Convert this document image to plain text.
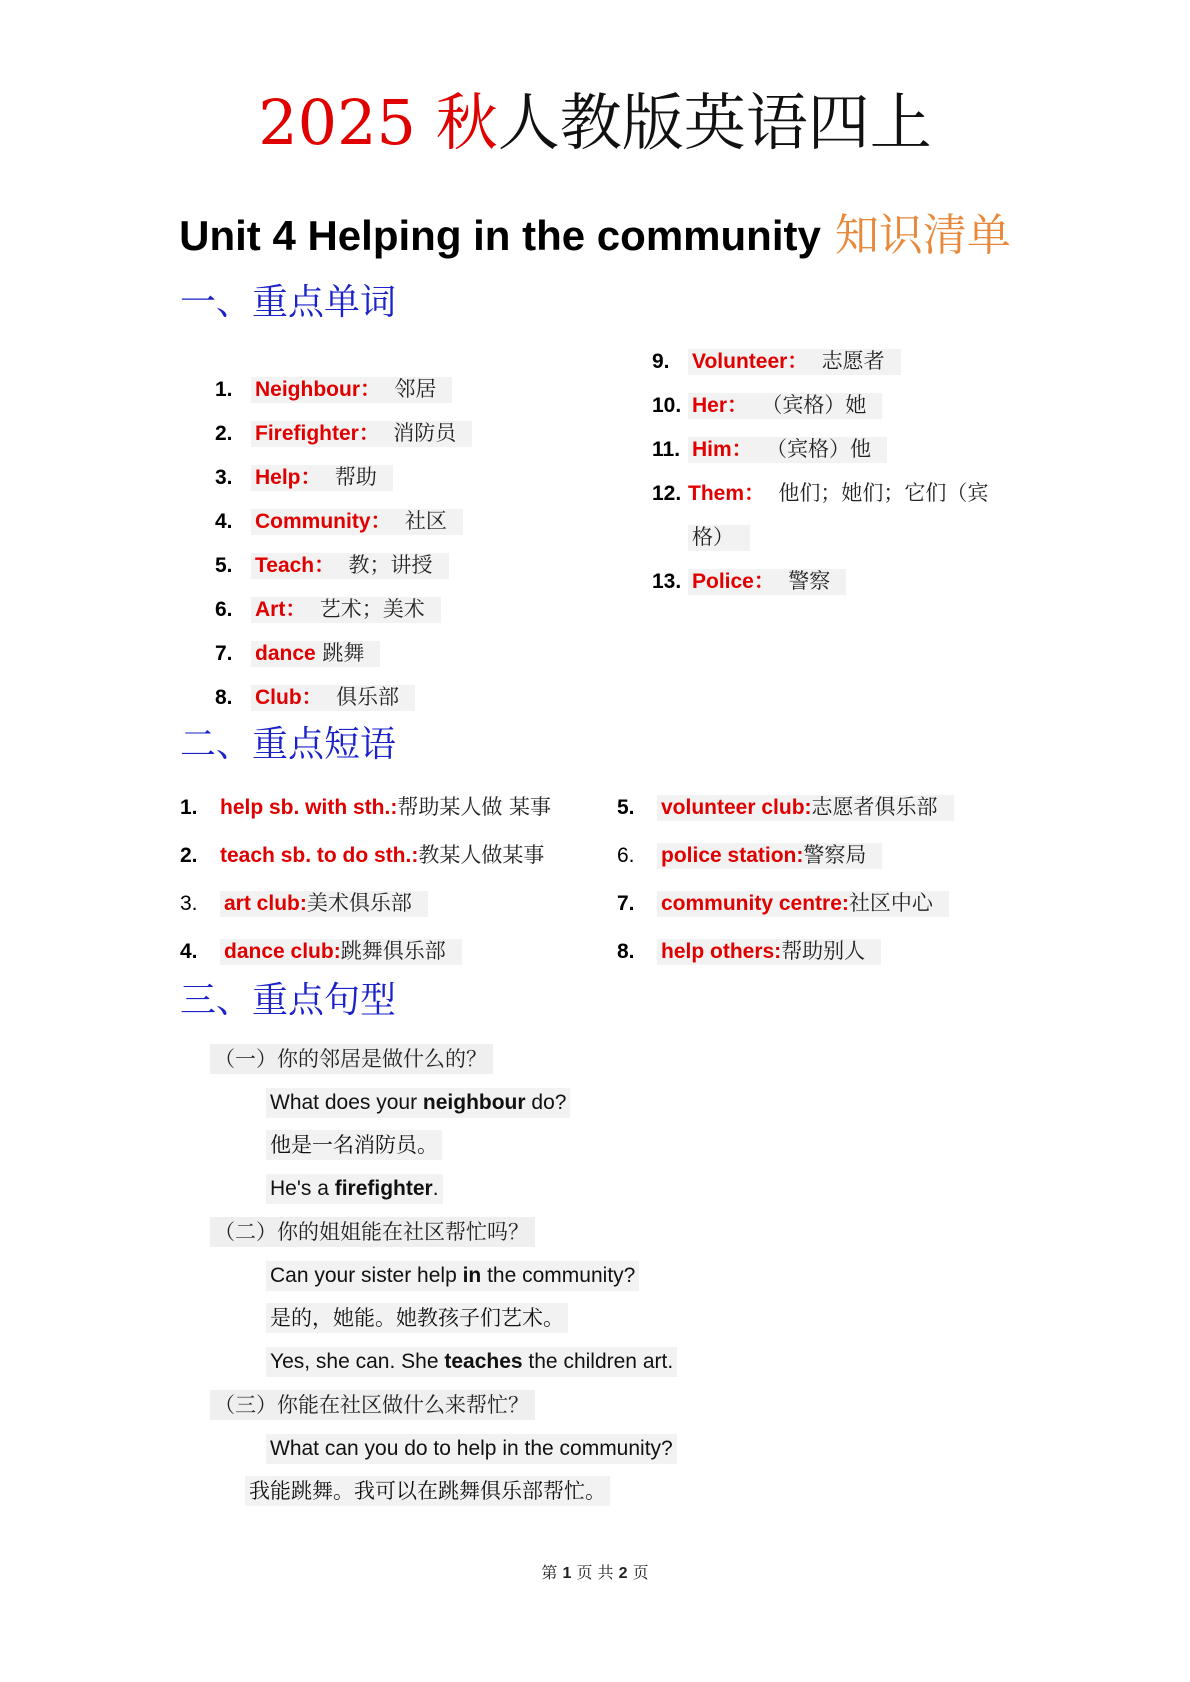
2025 秋人教版英语四上
Unit 4 Helping in the community 知识清单
一、重点单词
1. Neighbour： 邻居
2. Firefighter： 消防员
3. Help： 帮助
4. Community： 社区
5. Teach： 教；讲授
6. Art： 艺术；美术
7. dance 跳舞
8. Club： 俱乐部
9. Volunteer： 志愿者
10. Her： （宾格）她
11. Him： （宾格）他
12. Them： 他们；她们；它们（宾
格）
13. Police： 警察
二、重点短语
1. help sb. with sth.:帮助某人做 某事
2. teach sb. to do sth.:教某人做某事
3. art club:美术俱乐部
4. dance club:跳舞俱乐部
5. volunteer club:志愿者俱乐部
6. police station:警察局
7. community centre:社区中心
8. help others:帮助别人
三、重点句型
（一）你的邻居是做什么的？
What does your neighbour do?
他是一名消防员。
He's a firefighter.
（二）你的姐姐能在社区帮忙吗？
Can your sister help in the community?
是的，她能。她教孩子们艺术。
Yes, she can. She teaches the children art.
（三）你能在社区做什么来帮忙？
What can you do to help in the community?
我能跳舞。我可以在跳舞俱乐部帮忙。
第 1 页 共 2 页
